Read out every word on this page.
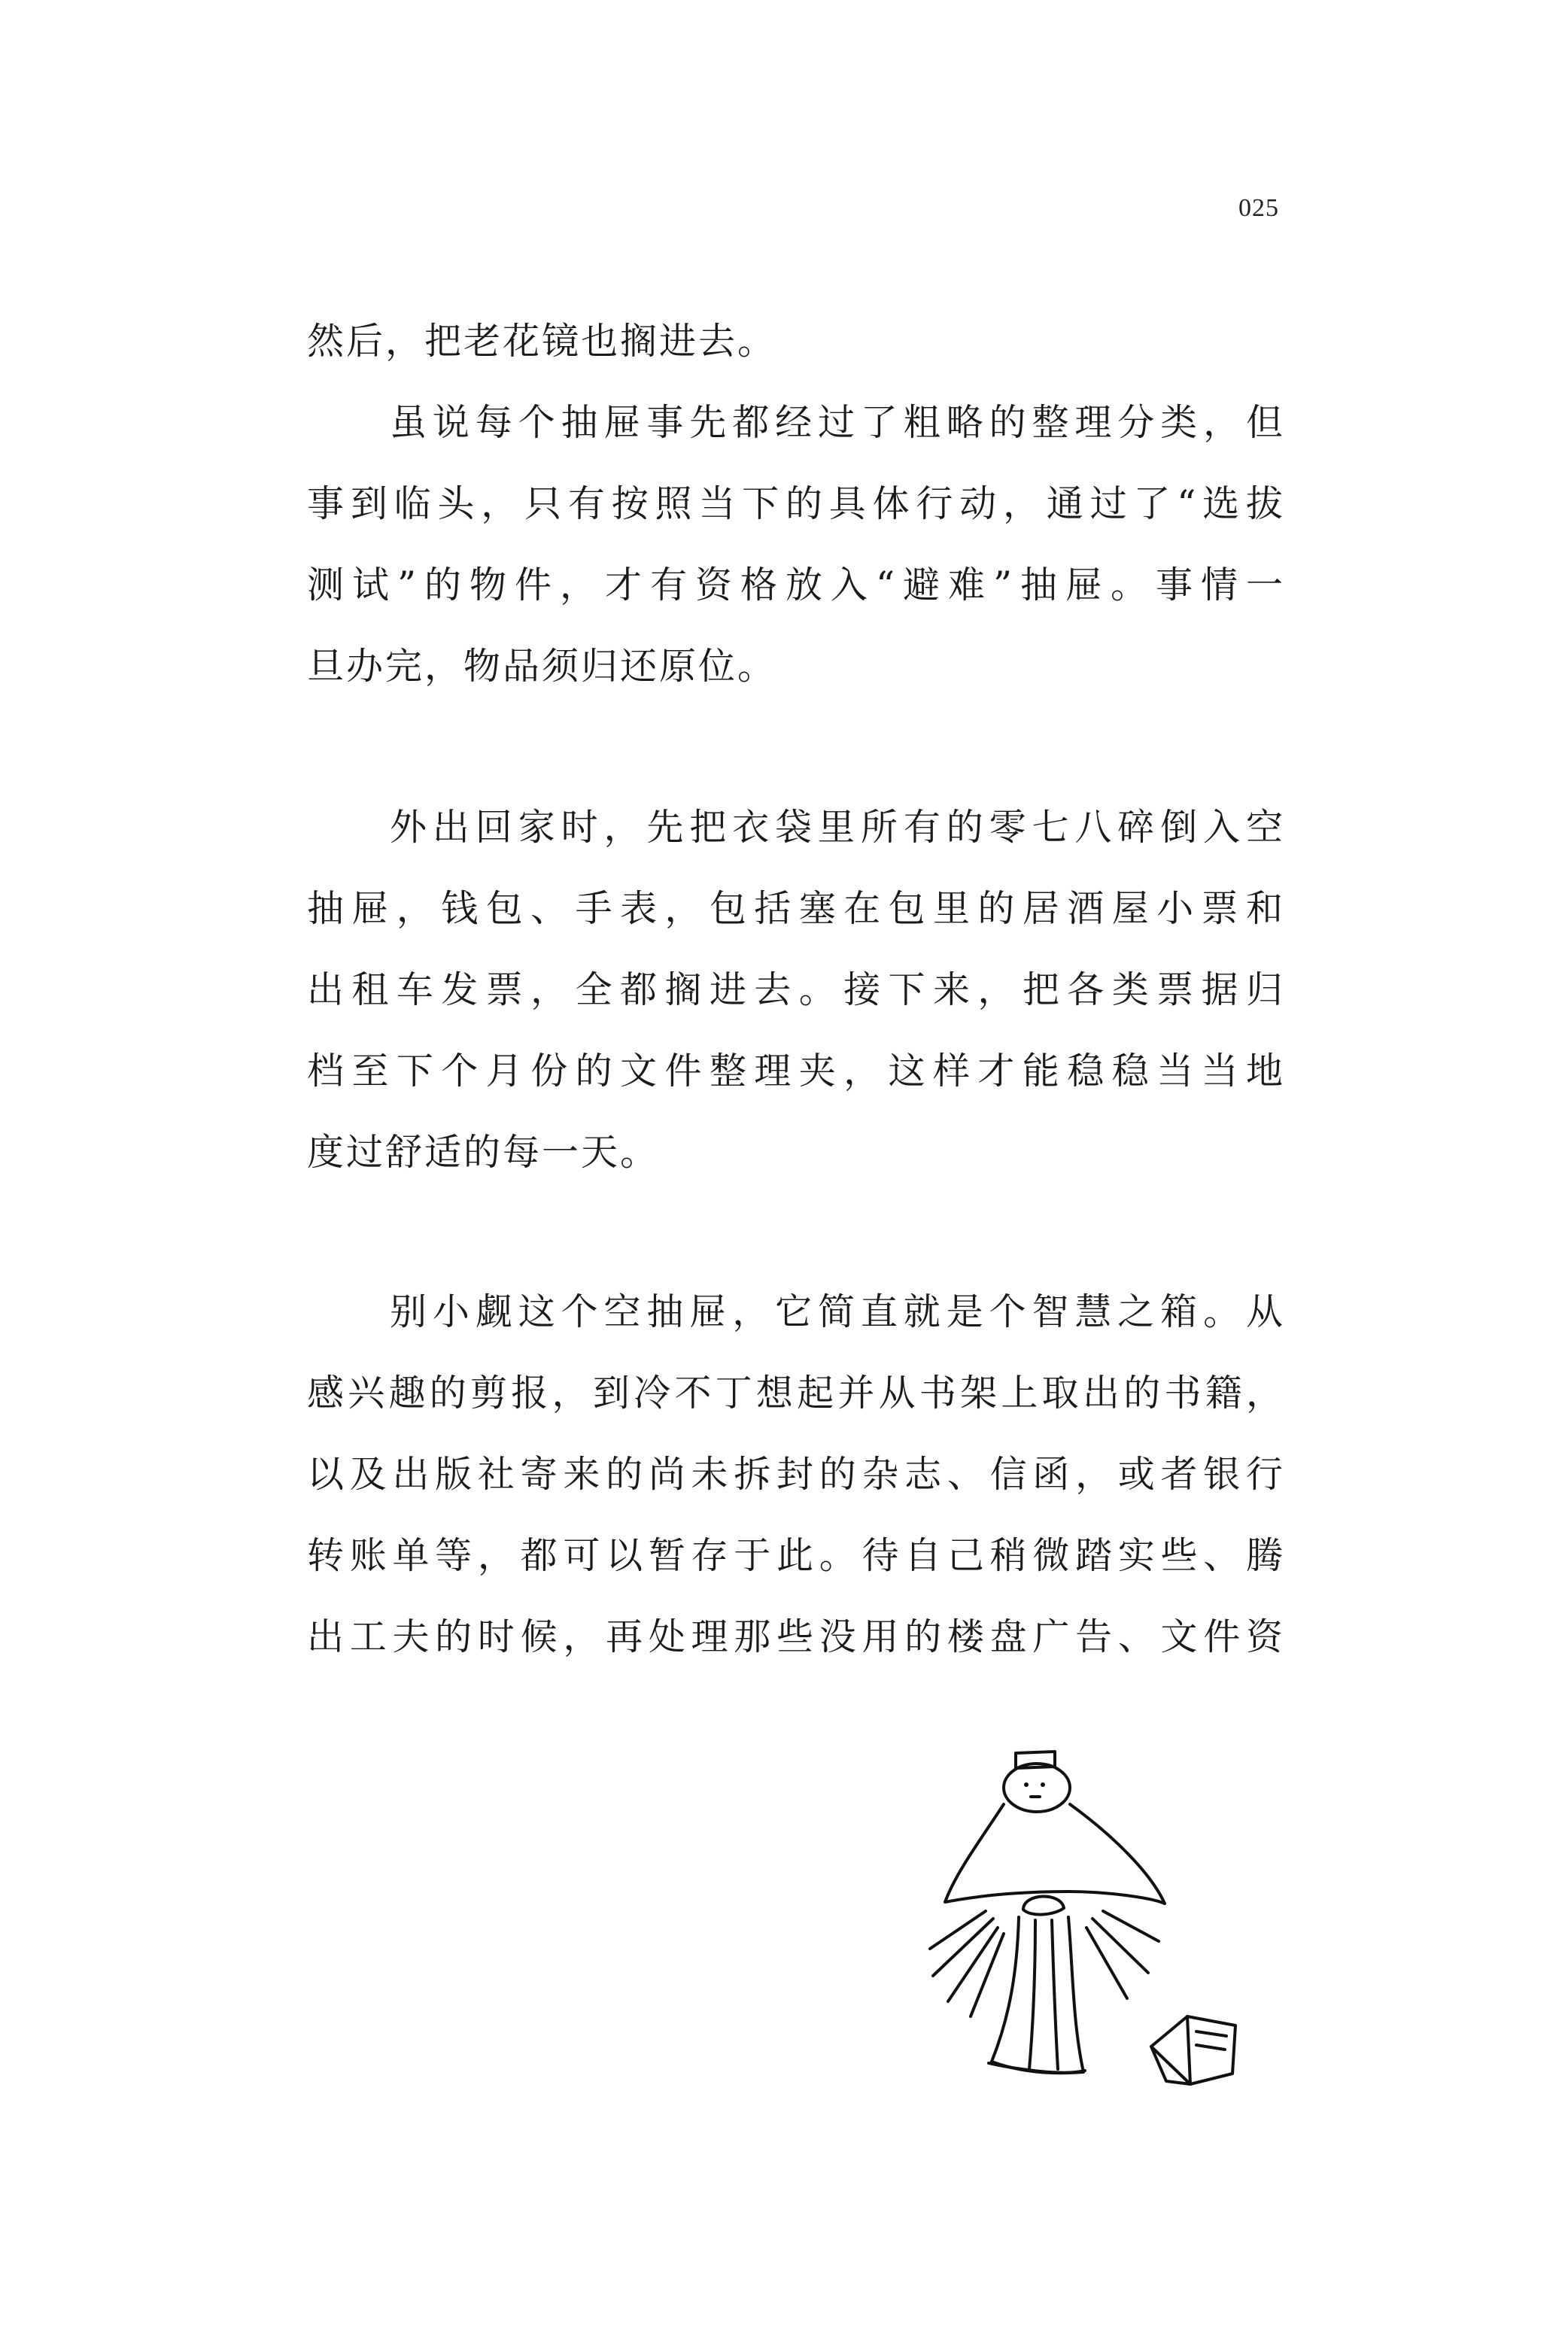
025
然后，把老花镜也搁进去。
虽说每个抽屉事先都经过了粗略的整理分类，但
事到临头，只有按照当下的具体行动，通过了“选拔
测试”的物件，才有资格放入“避难”抽屉。事情一
旦办完，物品须归还原位。
外出回家时，先把衣袋里所有的零七八碎倒入空
抽屉，钱包、手表，包括塞在包里的居酒屋小票和
出租车发票，全都搁进去。接下来，把各类票据归
档至下个月份的文件整理夹，这样才能稳稳当当地
度过舒适的每一天。
别小觑这个空抽屉，它简直就是个智慧之箱。从
感兴趣的剪报，到冷不丁想起并从书架上取出的书籍，
以及出版社寄来的尚未拆封的杂志、信函，或者银行
转账单等，都可以暂存于此。待自己稍微踏实些、腾
出工夫的时候，再处理那些没用的楼盘广告、文件资
